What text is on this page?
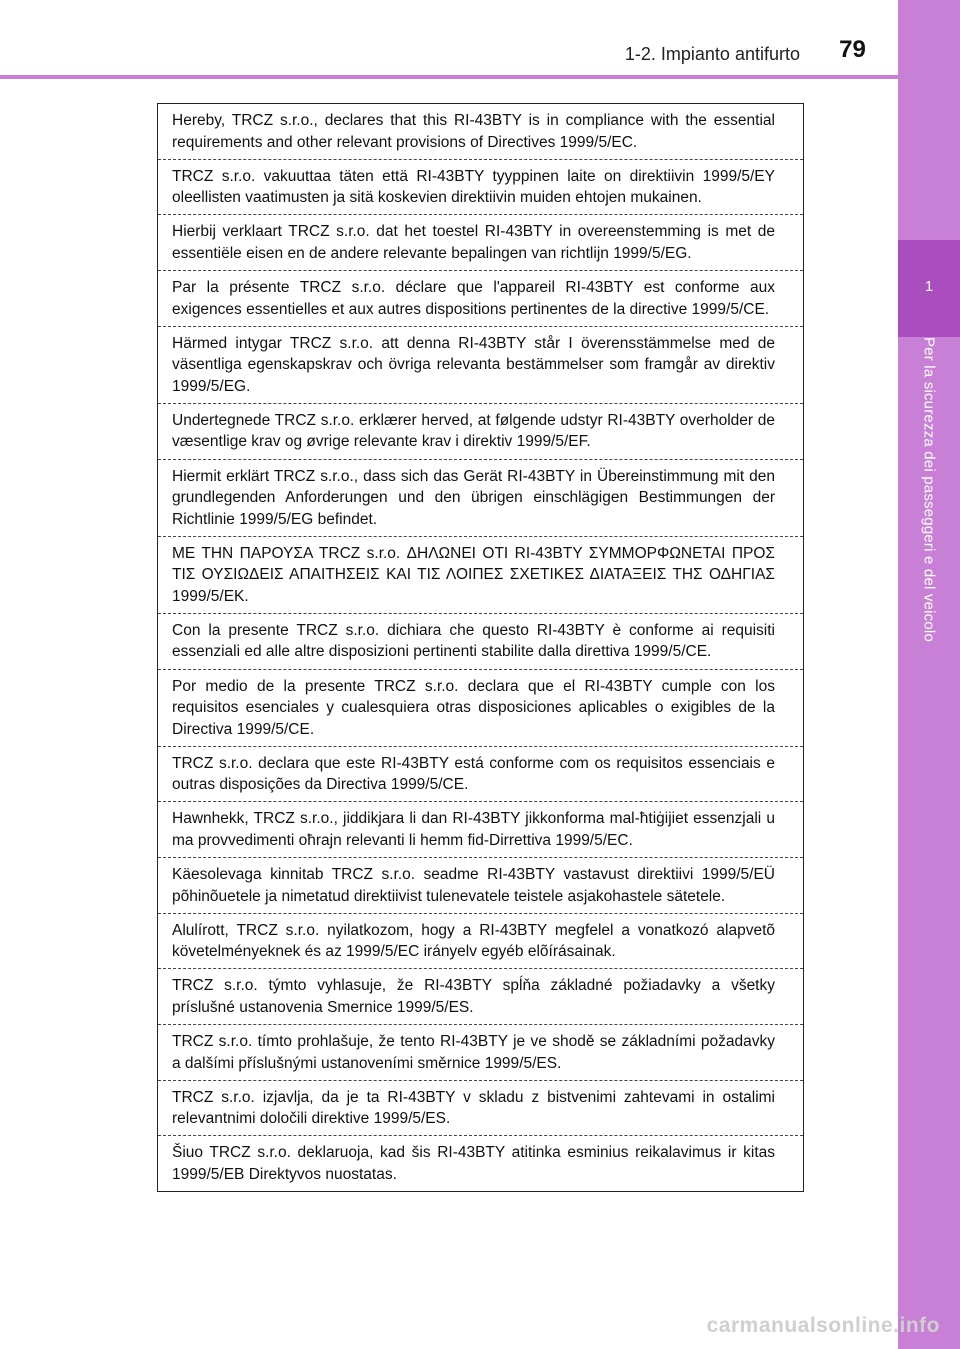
1-2. Impianto antifurto	79
1
Per la sicurezza dei passeggeri e del veicolo
Hereby, TRCZ s.r.o., declares that this RI-43BTY is in compliance with the essential requirements and other relevant provisions of Directives 1999/5/EC.
TRCZ s.r.o. vakuuttaa täten että RI-43BTY tyyppinen laite on direktiivin 1999/5/EY oleellisten vaatimusten ja sitä koskevien direktiivin muiden ehtojen mukainen.
Hierbij verklaart TRCZ s.r.o. dat het toestel RI-43BTY in overeenstemming is met de essentiële eisen en de andere relevante bepalingen van richtlijn 1999/5/EG.
Par la présente TRCZ s.r.o. déclare que l'appareil RI-43BTY est conforme aux exigences essentielles et aux autres dispositions pertinentes de la directive 1999/5/CE.
Härmed intygar TRCZ s.r.o. att denna RI-43BTY står I överensstämmelse med de väsentliga egenskapskrav och övriga relevanta bestämmelser som framgår av direktiv 1999/5/EG.
Undertegnede TRCZ s.r.o. erklærer herved, at følgende udstyr RI-43BTY overholder de væsentlige krav og øvrige relevante krav i direktiv 1999/5/EF.
Hiermit erklärt TRCZ s.r.o., dass sich das Gerät RI-43BTY in Übereinstimmung mit den grundlegenden Anforderungen und den übrigen einschlägigen Bestimmungen der Richtlinie 1999/5/EG befindet.
ΜΕ ΤΗΝ ΠΑΡΟΥΣΑ TRCZ s.r.o. ΔΗΛΩΝΕΙ ΟΤΙ RI-43BTY ΣΥΜΜΟΡΦΩΝΕΤΑΙ ΠΡΟΣ ΤΙΣ ΟΥΣΙΩΔΕΙΣ ΑΠΑΙΤΗΣΕΙΣ ΚΑΙ ΤΙΣ ΛΟΙΠΕΣ ΣΧΕΤΙΚΕΣ ΔΙΑΤΑΞΕΙΣ ΤΗΣ ΟΔΗΓΙΑΣ 1999/5/ΕΚ.
Con la presente TRCZ s.r.o. dichiara che questo RI-43BTY è conforme ai requisiti essenziali ed alle altre disposizioni pertinenti stabilite dalla direttiva 1999/5/CE.
Por medio de la presente TRCZ s.r.o. declara que el RI-43BTY cumple con los requisitos esenciales y cualesquiera otras disposiciones aplicables o exigibles de la Directiva 1999/5/CE.
TRCZ s.r.o. declara que este RI-43BTY está conforme com os requisitos essenciais e outras disposições da Directiva 1999/5/CE.
Hawnhekk, TRCZ s.r.o., jiddikjara li dan RI-43BTY jikkonforma mal-ħtiġijiet essenzjali u ma provvedimenti oħrajn relevanti li hemm fid-Dirrettiva 1999/5/EC.
Käesolevaga kinnitab TRCZ s.r.o. seadme RI-43BTY vastavust direktiivi 1999/5/EÜ põhinõuetele ja nimetatud direktiivist tulenevatele teistele asjakohastele sätetele.
Alulírott, TRCZ s.r.o. nyilatkozom, hogy a RI-43BTY megfelel a vonatkozó alapvetõ követelményeknek és az 1999/5/EC irányelv egyéb elõírásainak.
TRCZ s.r.o. týmto vyhlasuje, že RI-43BTY spĺňa základné požiadavky a všetky príslušné ustanovenia Smernice 1999/5/ES.
TRCZ s.r.o. tímto prohlašuje, že tento RI-43BTY je ve shodě se základními požadavky a dalšími příslušnými ustanoveními směrnice 1999/5/ES.
TRCZ s.r.o. izjavlja, da je ta RI-43BTY v skladu z bistvenimi zahtevami in ostalimi relevantnimi določili direktive 1999/5/ES.
Šiuo TRCZ s.r.o. deklaruoja, kad šis RI-43BTY atitinka esminius reikalavimus ir kitas 1999/5/EB Direktyvos nuostatas.
carmanualsonline.info
